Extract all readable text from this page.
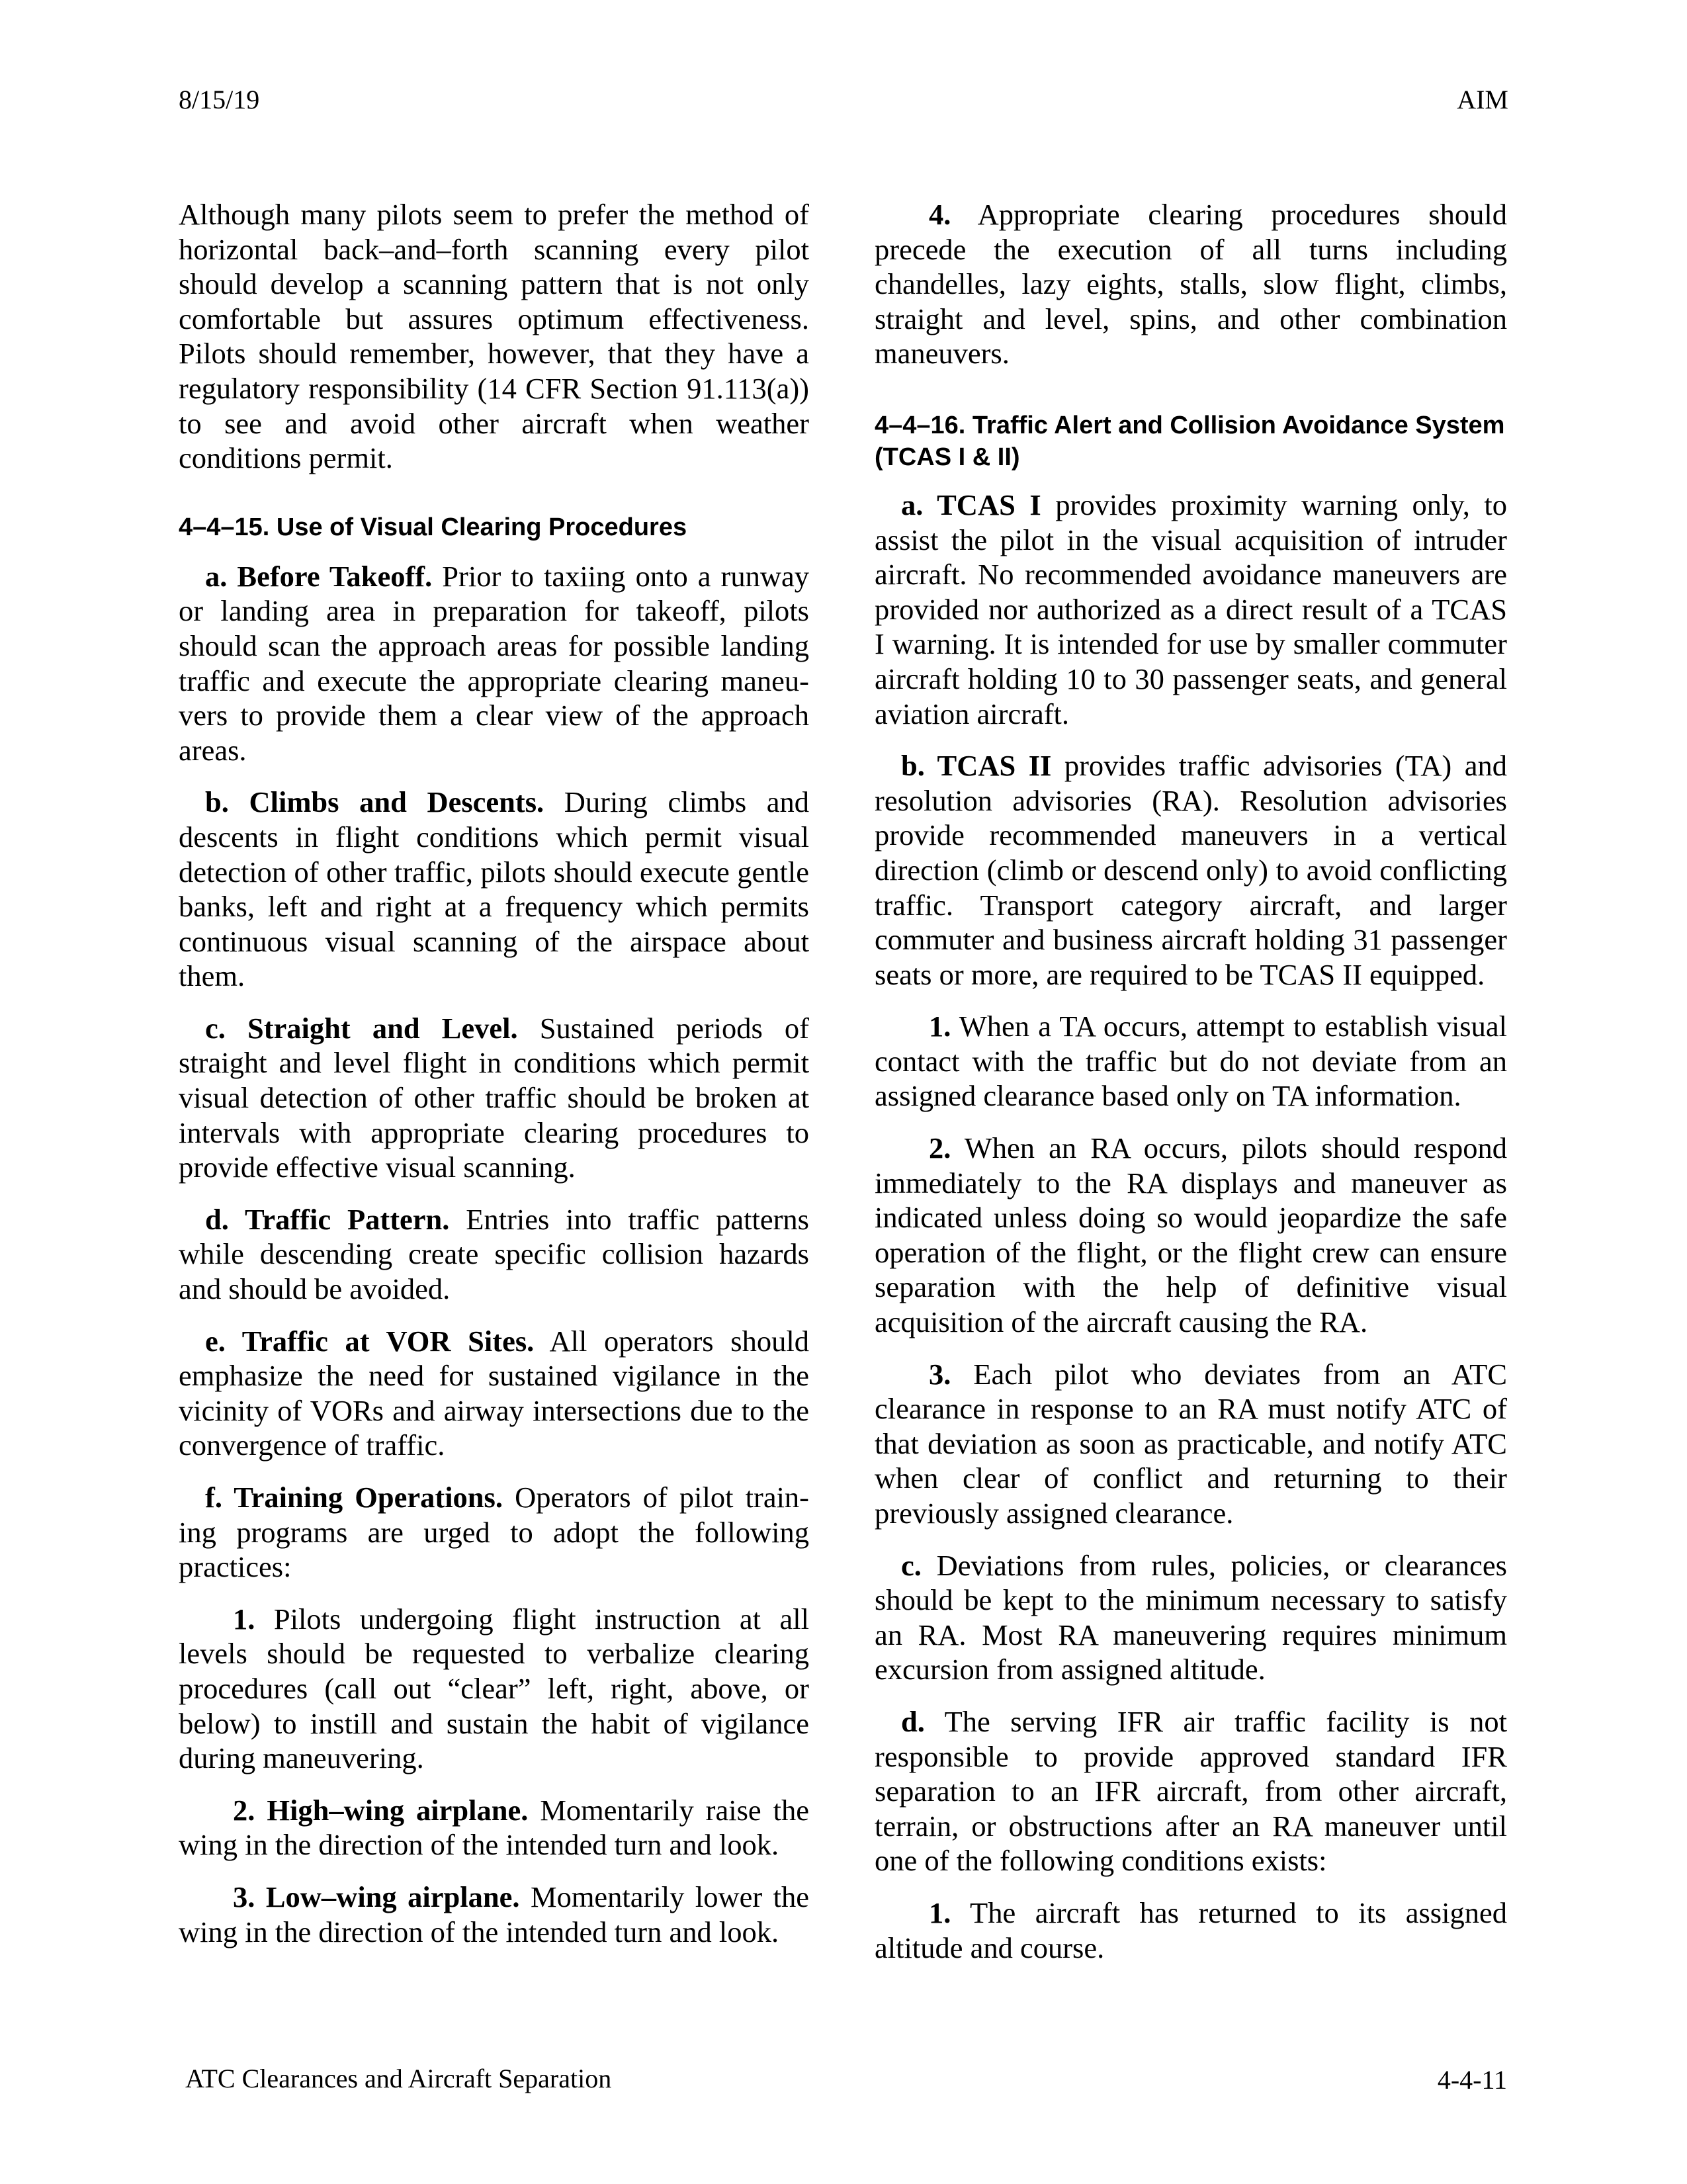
8/15/19	AIM

Although many pilots seem to prefer the method of horizontal back–and–forth scanning every pilot should develop a scanning pattern that is not only comfortable but assures optimum effectiveness. Pilots should remember, however, that they have a regulatory responsibility (14 CFR Section 91.113(a)) to see and avoid other aircraft when weather conditions permit.

4–4–15. Use of Visual Clearing Procedures

a. Before Takeoff. Prior to taxiing onto a runway or landing area in preparation for takeoff, pilots should scan the approach areas for possible landing traffic and execute the appropriate clearing maneu-vers to provide them a clear view of the approach areas.

b. Climbs and Descents. During climbs and descents in flight conditions which permit visual detection of other traffic, pilots should execute gentle banks, left and right at a frequency which permits continuous visual scanning of the airspace about them.

c. Straight and Level. Sustained periods of straight and level flight in conditions which permit visual detection of other traffic should be broken at intervals with appropriate clearing procedures to provide effective visual scanning.

d. Traffic Pattern. Entries into traffic patterns while descending create specific collision hazards and should be avoided.

e. Traffic at VOR Sites. All operators should emphasize the need for sustained vigilance in the vicinity of VORs and airway intersections due to the convergence of traffic.

f. Training Operations. Operators of pilot train-ing programs are urged to adopt the following practices:

1. Pilots undergoing flight instruction at all levels should be requested to verbalize clearing procedures (call out “clear” left, right, above, or below) to instill and sustain the habit of vigilance during maneuvering.

2. High–wing airplane. Momentarily raise the wing in the direction of the intended turn and look.

3. Low–wing airplane. Momentarily lower the wing in the direction of the intended turn and look.

4. Appropriate clearing procedures should precede the execution of all turns including chandelles, lazy eights, stalls, slow flight, climbs, straight and level, spins, and other combination maneuvers.

4–4–16. Traffic Alert and Collision Avoidance System (TCAS I & II)

a. TCAS I provides proximity warning only, to assist the pilot in the visual acquisition of intruder aircraft. No recommended avoidance maneuvers are provided nor authorized as a direct result of a TCAS I warning. It is intended for use by smaller commuter aircraft holding 10 to 30 passenger seats, and general aviation aircraft.

b. TCAS II provides traffic advisories (TA) and resolution advisories (RA). Resolution advisories provide recommended maneuvers in a vertical direction (climb or descend only) to avoid conflicting traffic. Transport category aircraft, and larger commuter and business aircraft holding 31 passenger seats or more, are required to be TCAS II equipped.

1. When a TA occurs, attempt to establish visual contact with the traffic but do not deviate from an assigned clearance based only on TA information.

2. When an RA occurs, pilots should respond immediately to the RA displays and maneuver as indicated unless doing so would jeopardize the safe operation of the flight, or the flight crew can ensure separation with the help of definitive visual acquisition of the aircraft causing the RA.

3. Each pilot who deviates from an ATC clearance in response to an RA must notify ATC of that deviation as soon as practicable, and notify ATC when clear of conflict and returning to their previously assigned clearance.

c. Deviations from rules, policies, or clearances should be kept to the minimum necessary to satisfy an RA. Most RA maneuvering requires minimum excursion from assigned altitude.

d. The serving IFR air traffic facility is not responsible to provide approved standard IFR separation to an IFR aircraft, from other aircraft, terrain, or obstructions after an RA maneuver until one of the following conditions exists:

1. The aircraft has returned to its assigned altitude and course.

ATC Clearances and Aircraft Separation	4‑4‑11
